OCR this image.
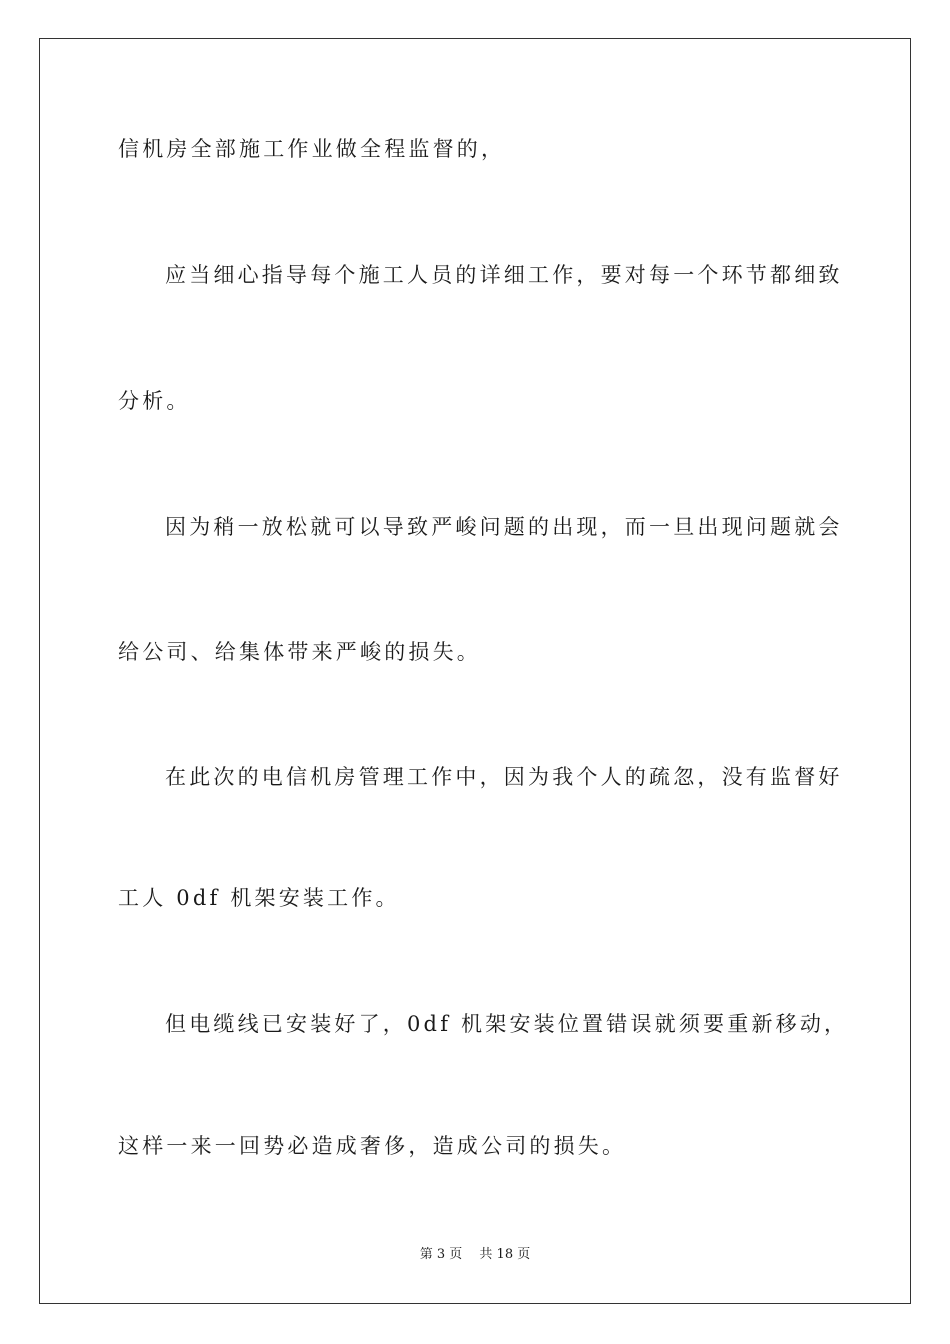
信机房全部施工作业做全程监督的，
应当细心指导每个施工人员的详细工作，要对每一个环节都细致
分析。
因为稍一放松就可以导致严峻问题的出现，而一旦出现问题就会
给公司、给集体带来严峻的损失。
在此次的电信机房管理工作中，因为我个人的疏忽，没有监督好
工人 0df 机架安装工作。
但电缆线已安装好了，0df 机架安装位置错误就须要重新移动，
这样一来一回势必造成奢侈，造成公司的损失。
第 3 页　 共 18 页
